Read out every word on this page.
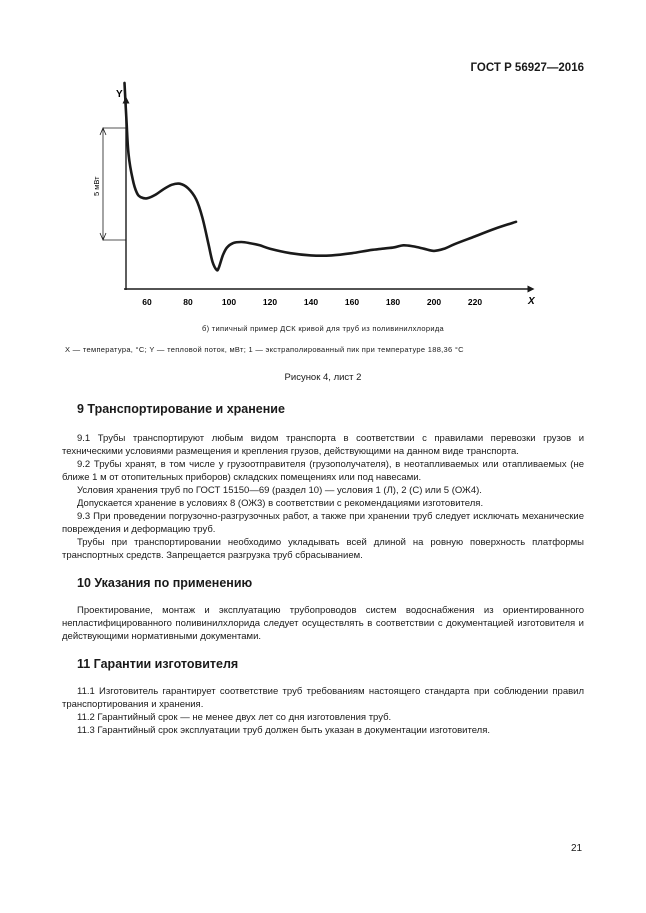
ГОСТ Р 56927—2016
Y
X
60	80	100	120	140	160	180	200	220
5 мВт
б) типичный пример ДСК кривой для труб из поливинилхлорида
X — температура, °С; Y — тепловой поток, мВт; 1 — экстраполированный пик при температуре 188,36 °С
Рисунок 4, лист 2
9 Транспортирование и хранение
9.1 Трубы транспортируют любым видом транспорта в соответствии с правилами перевозки грузов и техническими условиями размещения и крепления грузов, действующими на данном виде транспорта.
9.2 Трубы хранят, в том числе у грузоотправителя (грузополучателя), в неотапливаемых или отапливаемых (не ближе 1 м от отопительных приборов) складских помещениях или под навесами.
Условия хранения труб по ГОСТ 15150—69 (раздел 10) — условия 1 (Л), 2 (С) или 5 (ОЖ4).
Допускается хранение в условиях 8 (ОЖ3) в соответствии с рекомендациями изготовителя.
9.3 При проведении погрузочно-разгрузочных работ, а также при хранении труб следует исключать механические повреждения и деформацию труб.
Трубы при транспортировании необходимо укладывать всей длиной на ровную поверхность платформы транспортных средств. Запрещается разгрузка труб сбрасыванием.
10 Указания по применению
Проектирование, монтаж и эксплуатацию трубопроводов систем водоснабжения из ориентированного непластифицированного поливинилхлорида следует осуществлять в соответствии с документацией изготовителя и действующими нормативными документами.
11 Гарантии изготовителя
11.1 Изготовитель гарантирует соответствие труб требованиям настоящего стандарта при соблюдении правил транспортирования и хранения.
11.2 Гарантийный срок — не менее двух лет со дня изготовления труб.
11.3 Гарантийный срок эксплуатации труб должен быть указан в документации изготовителя.
21
